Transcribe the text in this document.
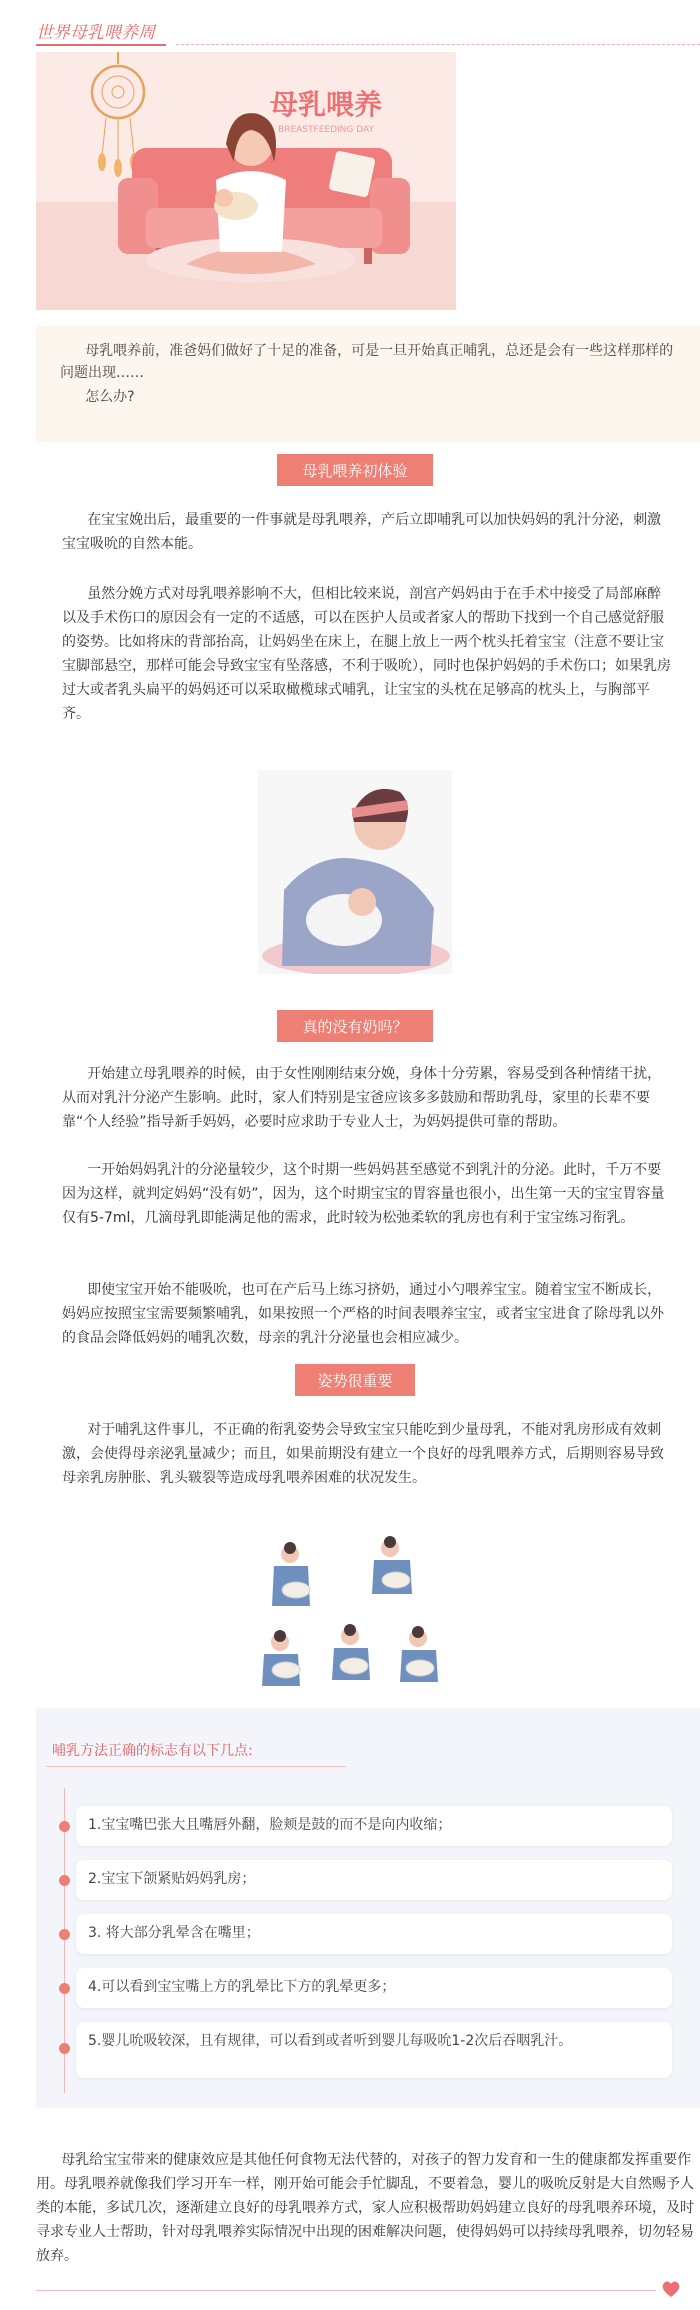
世界母乳喂养周
母乳喂养
BREASTFEEDING DAY

母乳喂养前，准爸妈们做好了十足的准备，可是一旦开始真正哺乳，总还是会有一些这样那样的问题出现……

怎么办?

母乳喂养初体验

在宝宝娩出后，最重要的一件事就是母乳喂养，产后立即哺乳可以加快妈妈的乳汁分泌，刺激宝宝吸吮的自然本能。

虽然分娩方式对母乳喂养影响不大，但相比较来说，剖宫产妈妈由于在手术中接受了局部麻醉以及手术伤口的原因会有一定的不适感，可以在医护人员或者家人的帮助下找到一个自己感觉舒服的姿势。比如将床的背部抬高，让妈妈坐在床上，在腿上放上一两个枕头托着宝宝（注意不要让宝宝脚部悬空，那样可能会导致宝宝有坠落感，不利于吸吮），同时也保护妈妈的手术伤口；如果乳房过大或者乳头扁平的妈妈还可以采取橄榄球式哺乳，让宝宝的头枕在足够高的枕头上，与胸部平齐。

真的没有奶吗？

开始建立母乳喂养的时候，由于女性刚刚结束分娩，身体十分劳累，容易受到各种情绪干扰，从而对乳汁分泌产生影响。此时，家人们特别是宝爸应该多多鼓励和帮助乳母，家里的长辈不要靠“个人经验”指导新手妈妈，必要时应求助于专业人士，为妈妈提供可靠的帮助。

一开始妈妈乳汁的分泌量较少，这个时期一些妈妈甚至感觉不到乳汁的分泌。此时，千万不要因为这样，就判定妈妈“没有奶”，因为，这个时期宝宝的胃容量也很小，出生第一天的宝宝胃容量仅有5-7ml，几滴母乳即能满足他的需求，此时较为松弛柔软的乳房也有利于宝宝练习衔乳。

即使宝宝开始不能吸吮，也可在产后马上练习挤奶，通过小勺喂养宝宝。随着宝宝不断成长，妈妈应按照宝宝需要频繁哺乳，如果按照一个严格的时间表喂养宝宝，或者宝宝进食了除母乳以外的食品会降低妈妈的哺乳次数，母亲的乳汁分泌量也会相应减少。

姿势很重要

对于哺乳这件事儿，不正确的衔乳姿势会导致宝宝只能吃到少量母乳，不能对乳房形成有效刺激，会使得母亲泌乳量减少；而且，如果前期没有建立一个良好的母乳喂养方式，后期则容易导致母亲乳房肿胀、乳头皲裂等造成母乳喂养困难的状况发生。

哺乳方法正确的标志有以下几点:
1.宝宝嘴巴张大且嘴唇外翻，脸颊是鼓的而不是向内收缩；
2.宝宝下颌紧贴妈妈乳房；
3. 将大部分乳晕含在嘴里；
4.可以看到宝宝嘴上方的乳晕比下方的乳晕更多；
5.婴儿吮吸较深，且有规律，可以看到或者听到婴儿每吸吮1-2次后吞咽乳汁。

母乳给宝宝带来的健康效应是其他任何食物无法代替的，对孩子的智力发育和一生的健康都发挥重要作用。母乳喂养就像我们学习开车一样，刚开始可能会手忙脚乱，不要着急，婴儿的吸吮反射是大自然赐予人类的本能，多试几次，逐渐建立良好的母乳喂养方式，家人应积极帮助妈妈建立良好的母乳喂养环境，及时寻求专业人士帮助，针对母乳喂养实际情况中出现的困难解决问题，使得妈妈可以持续母乳喂养，切勿轻易放弃。
